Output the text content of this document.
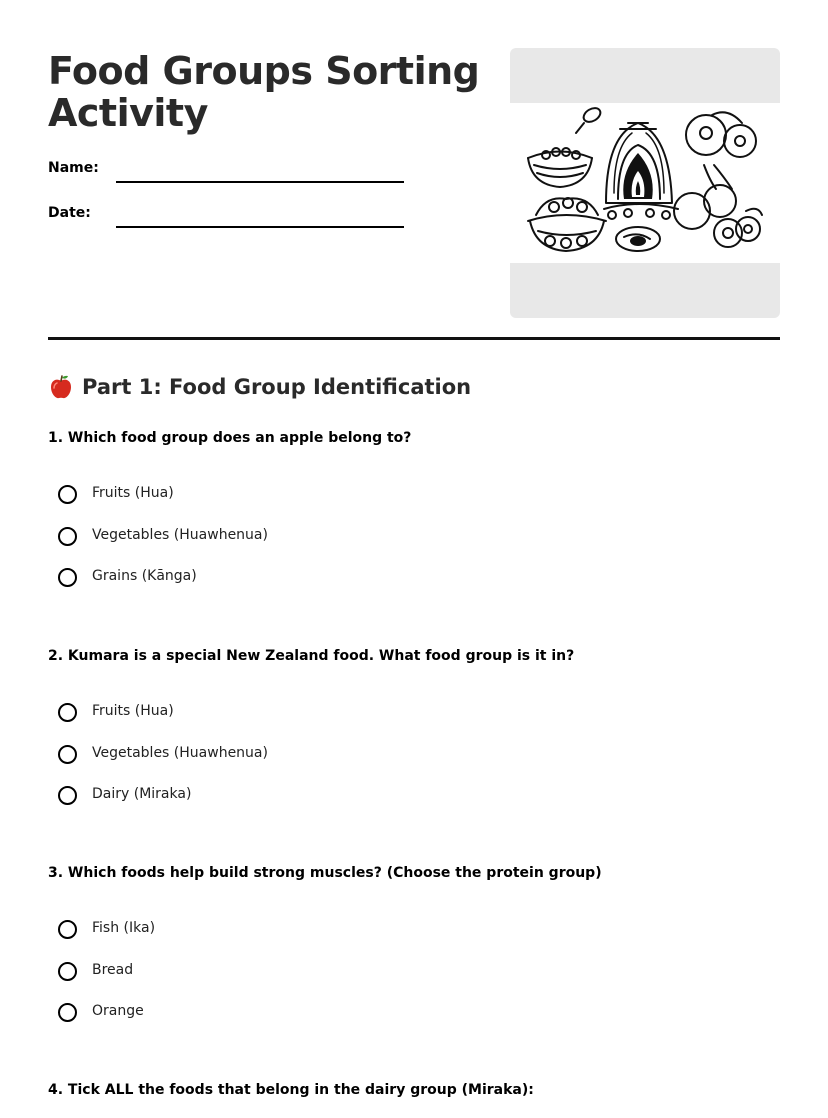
Food Groups Sorting Activity
Name:
Date:
Part 1: Food Group Identification

1. Which food group does an apple belong to?

Fruits (Hua)
Vegetables (Huawhenua)
Grains (Kānga)

2. Kumara is a special New Zealand food. What food group is it in?

Fruits (Hua)
Vegetables (Huawhenua)
Dairy (Miraka)

3. Which foods help build strong muscles? (Choose the protein group)

Fish (Ika)
Bread
Orange

4. Tick ALL the foods that belong in the dairy group (Miraka):
